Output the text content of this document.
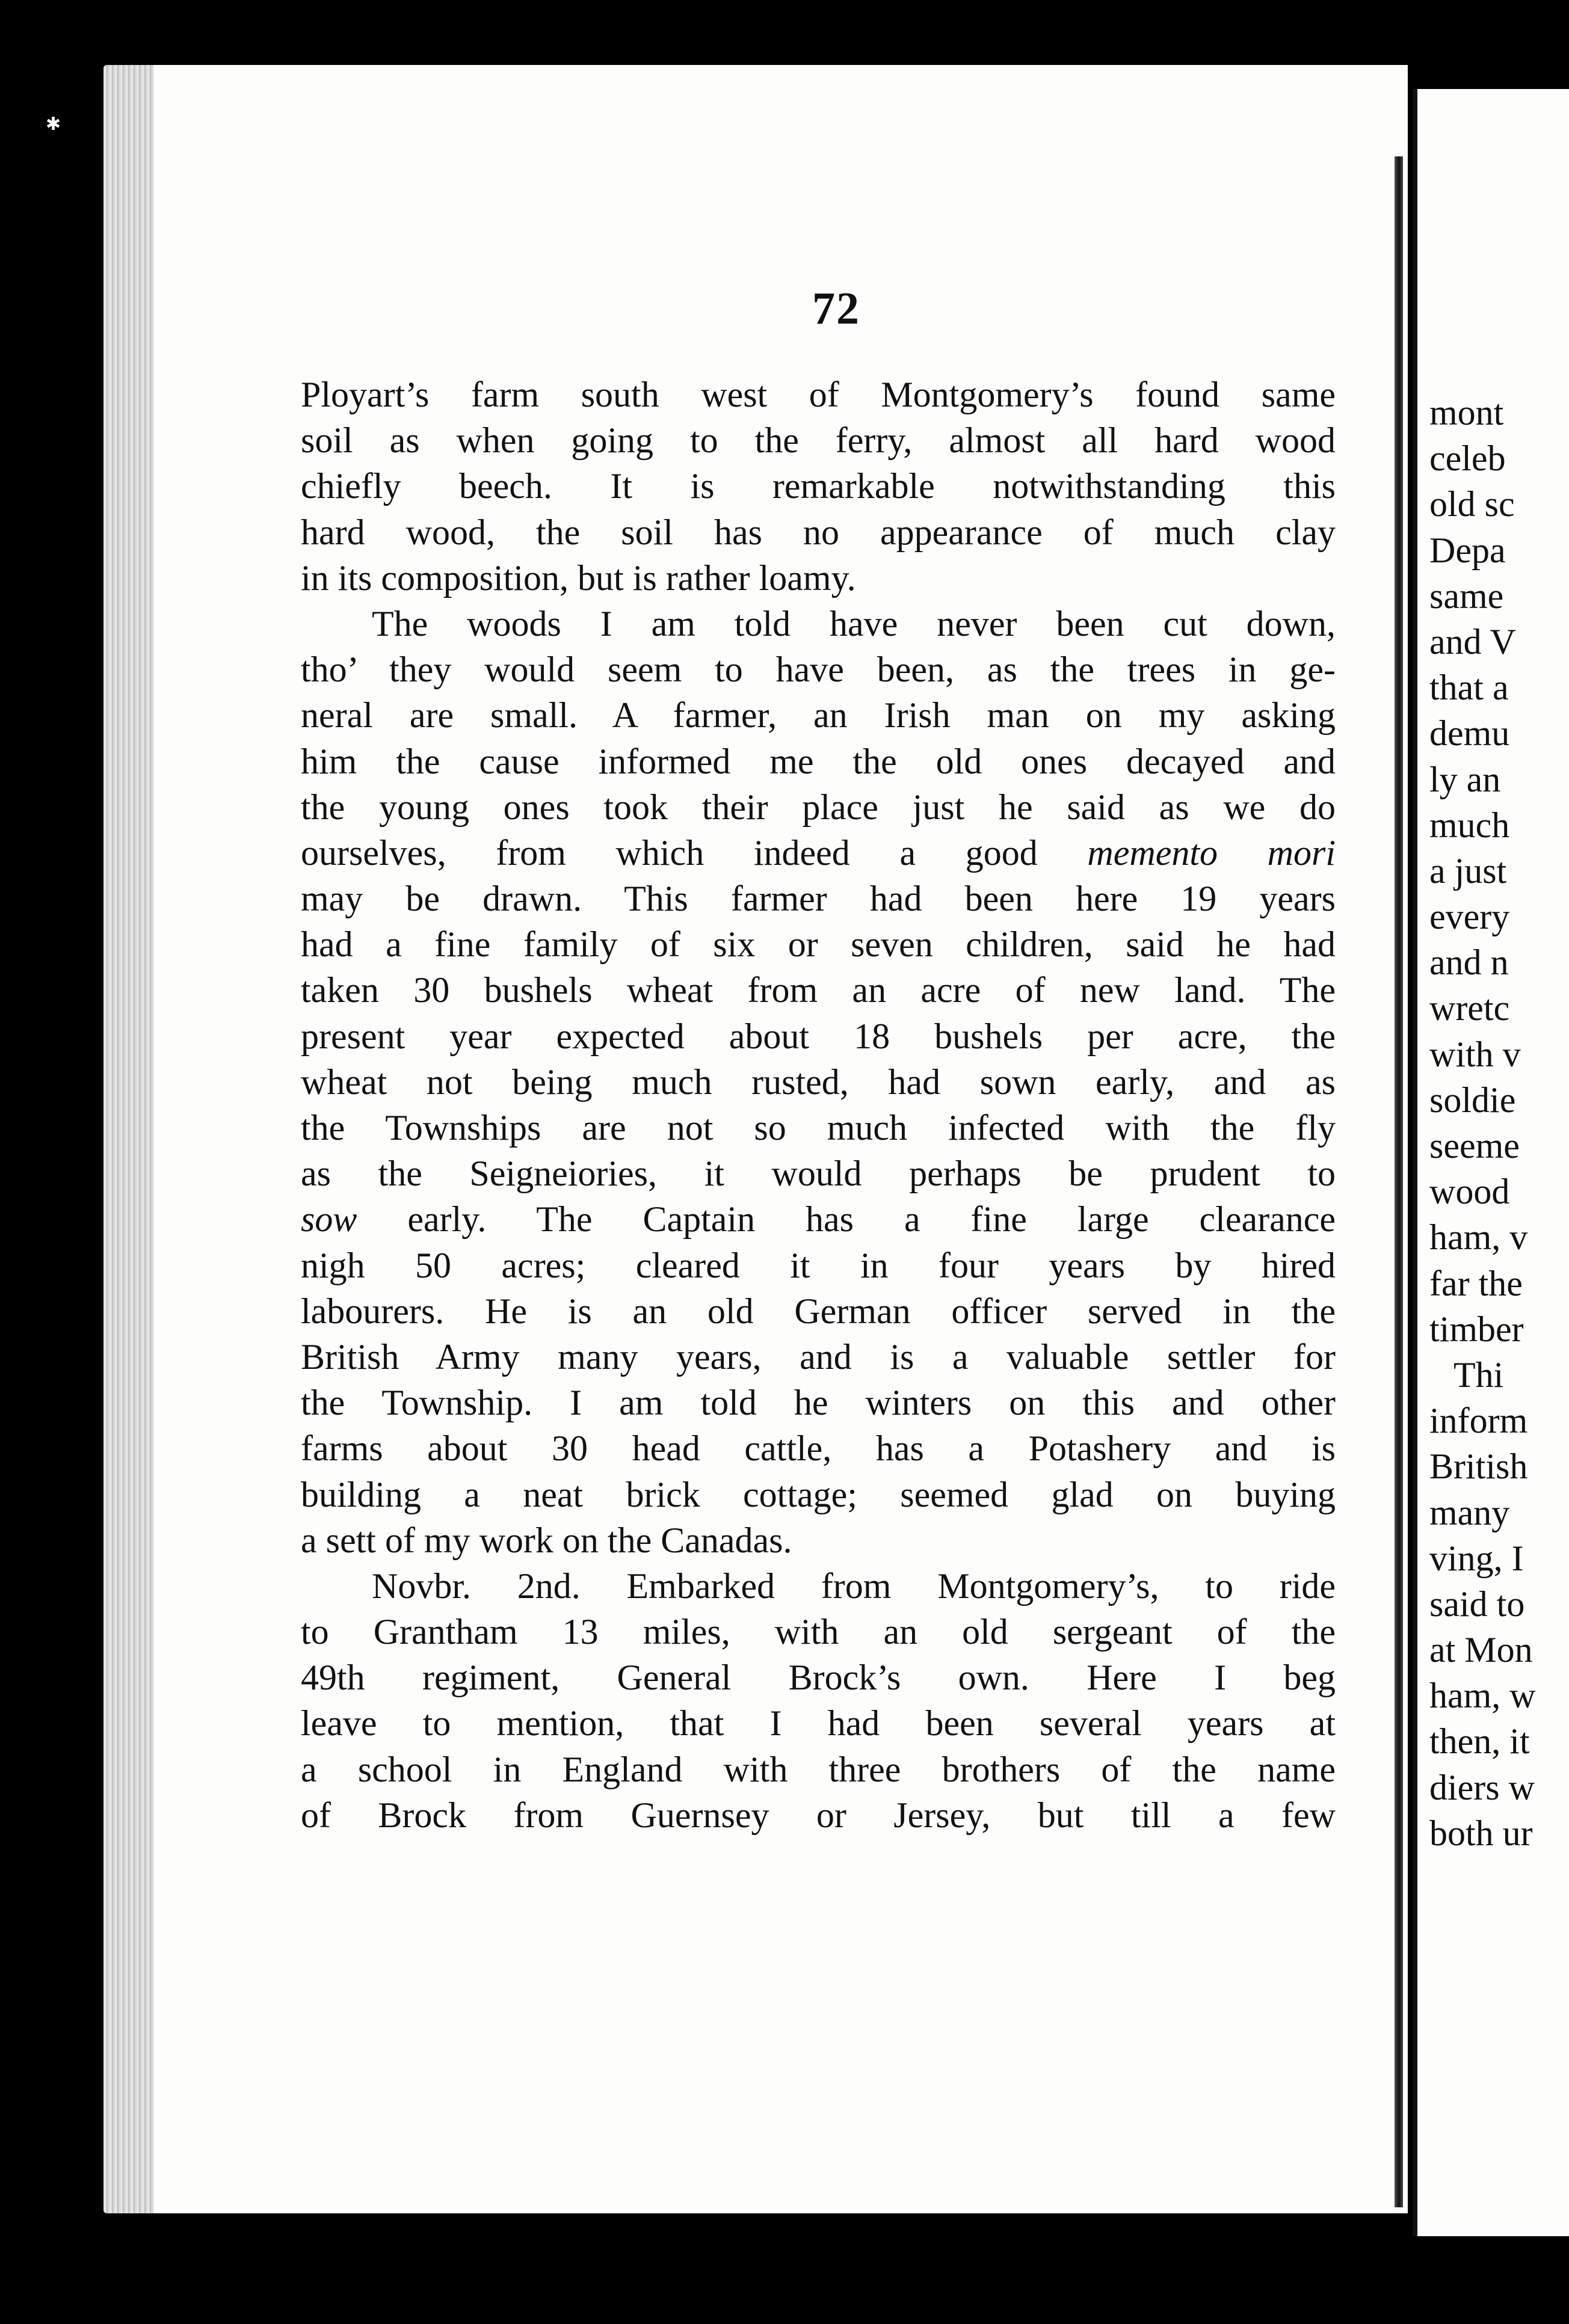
✱
72
Ployart’s farm south west of Montgomery’s found same
soil as when going to the ferry, almost all hard wood
chiefly beech. It is remarkable notwithstanding this
hard wood, the soil has no appearance of much clay
in its composition, but is rather loamy.
The woods I am told have never been cut down,
tho’ they would seem to have been, as the trees in ge-
neral are small. A farmer, an Irish man on my asking
him the cause informed me the old ones decayed and
the young ones took their place just he said as we do
ourselves, from which indeed a good memento mori
may be drawn. This farmer had been here 19 years
had a fine family of six or seven children, said he had
taken 30 bushels wheat from an acre of new land. The
present year expected about 18 bushels per acre, the
wheat not being much rusted, had sown early, and as
the Townships are not so much infected with the fly
as the Seigneiories, it would perhaps be prudent to
sow early. The Captain has a fine large clearance
nigh 50 acres; cleared it in four years by hired
labourers. He is an old German officer served in the
British Army many years, and is a valuable settler for
the Township. I am told he winters on this and other
farms about 30 head cattle, has a Potashery and is
building a neat brick cottage; seemed glad on buying
a sett of my work on the Canadas.
Novbr. 2nd. Embarked from Montgomery’s, to ride
to Grantham 13 miles, with an old sergeant of the
49th regiment, General Brock’s own. Here I beg
leave to mention, that I had been several years at
a school in England with three brothers of the name
of Brock from Guernsey or Jersey, but till a few
mont
celeb
old sc
Depa
same
and V
that a
demu
ly an
much
a just
every
and n
wretc
with v
soldie
seeme
wood
ham, v
far the
timber
Thi
inform
British
many
ving, I
said to
at Mon
ham, w
then, it
diers w
both ur
